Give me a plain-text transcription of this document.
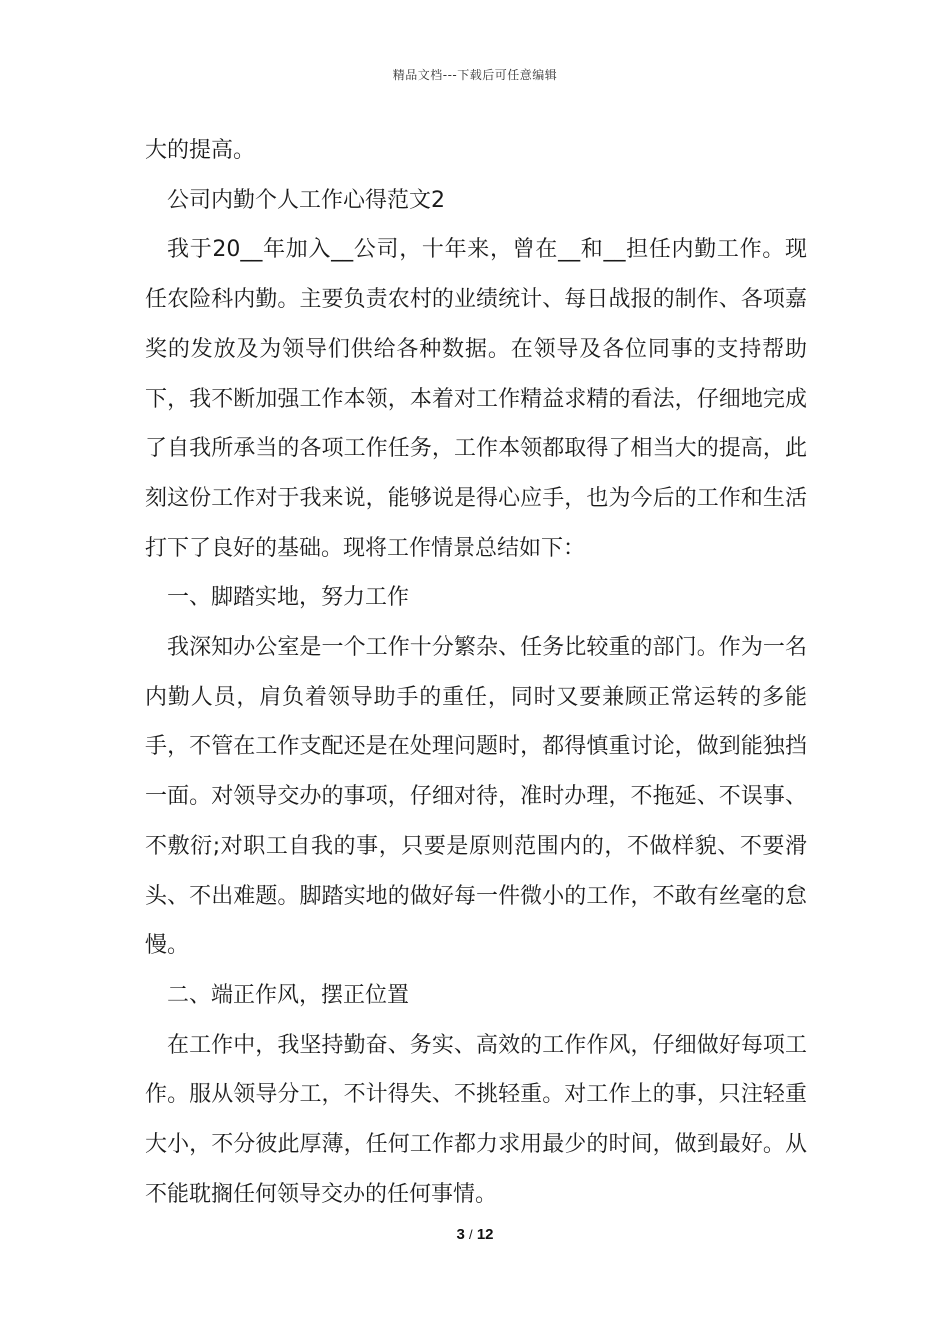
精品文档---下载后可任意编辑

大的提高。

公司内勤个人工作心得范文2

我于20__年加入__公司，十年来，曾在__和__担任内勤工作。现任农险科内勤。主要负责农村的业绩统计、每日战报的制作、各项嘉奖的发放及为领导们供给各种数据。在领导及各位同事的支持帮助下，我不断加强工作本领，本着对工作精益求精的看法，仔细地完成了自我所承当的各项工作任务，工作本领都取得了相当大的提高，此刻这份工作对于我来说，能够说是得心应手，也为今后的工作和生活打下了良好的基础。现将工作情景总结如下：

一、脚踏实地，努力工作

我深知办公室是一个工作十分繁杂、任务比较重的部门。作为一名内勤人员，肩负着领导助手的重任，同时又要兼顾正常运转的多能手，不管在工作支配还是在处理问题时，都得慎重讨论，做到能独挡一面。对领导交办的事项，仔细对待，准时办理，不拖延、不误事、不敷衍;对职工自我的事，只要是原则范围内的，不做样貌、不要滑头、不出难题。脚踏实地的做好每一件微小的工作，不敢有丝毫的怠慢。

二、端正作风，摆正位置

在工作中，我坚持勤奋、务实、高效的工作作风，仔细做好每项工作。服从领导分工，不计得失、不挑轻重。对工作上的事，只注轻重大小，不分彼此厚薄，任何工作都力求用最少的时间，做到最好。从不能耽搁任何领导交办的任何事情。

3 / 12
